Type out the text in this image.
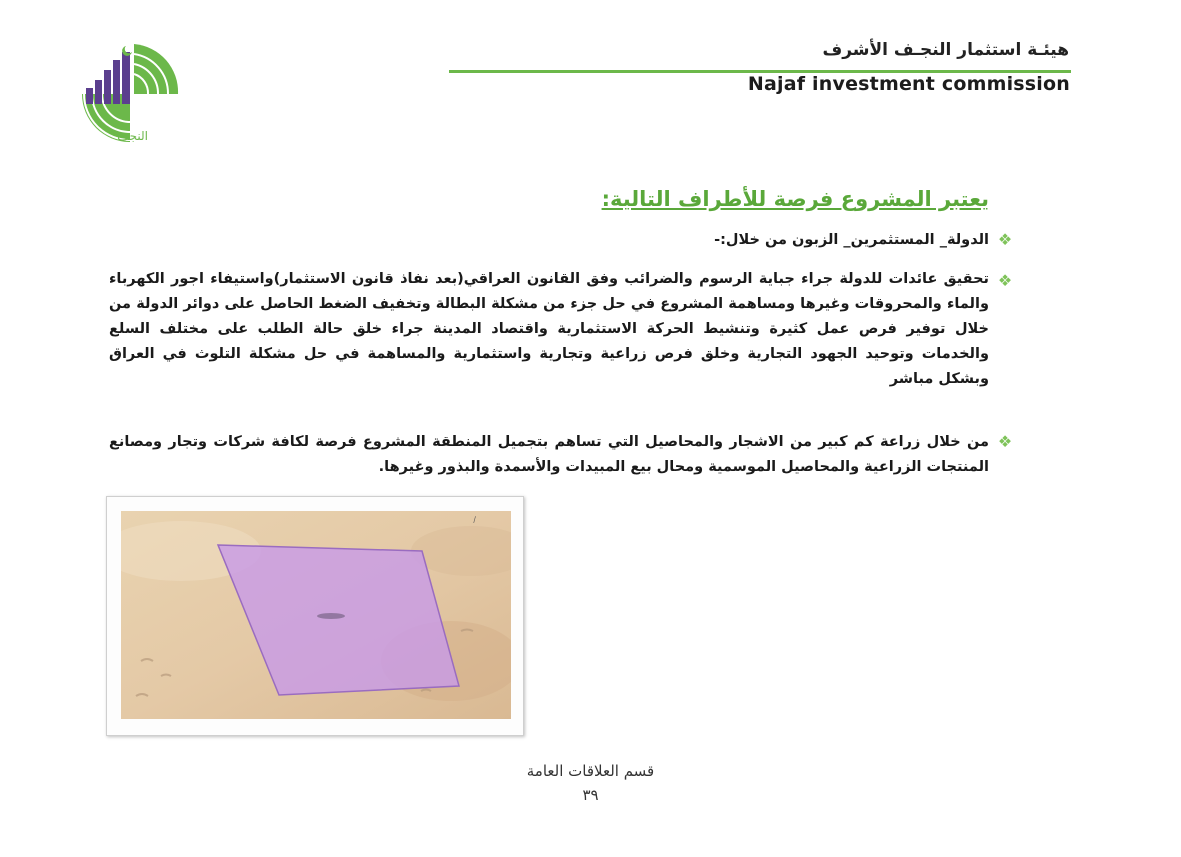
النجف
هيئـة استثمار النجـف الأشرف
Najaf investment commission
يعتبر المشروع فرصة للأطراف التالية:
❖
الدولة_ المستثمرين_ الزبون من خلال:-
❖
تحقيق عائدات للدولة جراء جباية الرسوم والضرائب وفق القانون العراقي(بعد نفاذ قانون الاستثمار)واستيفاء اجور الكهرباء والماء والمحروقات وغيرها ومساهمة المشروع في حل جزء من مشكلة البطالة وتخفيف الضغط الحاصل على دوائر الدولة من خلال توفير فرص عمل كثيرة وتنشيط الحركة الاستثمارية واقتصاد المدينة جراء خلق حالة الطلب على مختلف السلع والخدمات وتوحيد الجهود التجارية وخلق فرص زراعية وتجارية واستثمارية والمساهمة في حل مشكلة التلوث في العراق وبشكل مباشر
❖
من خلال زراعة كم كبير من الاشجار والمحاصيل التي تساهم بتجميل المنطقة المشروع فرصة لكافة شركات وتجار ومصانع المنتجات الزراعية والمحاصيل الموسمية ومحال بيع المبيدات والأسمدة والبذور وغيرها.
|
قسم العلاقات العامة
٣٩
